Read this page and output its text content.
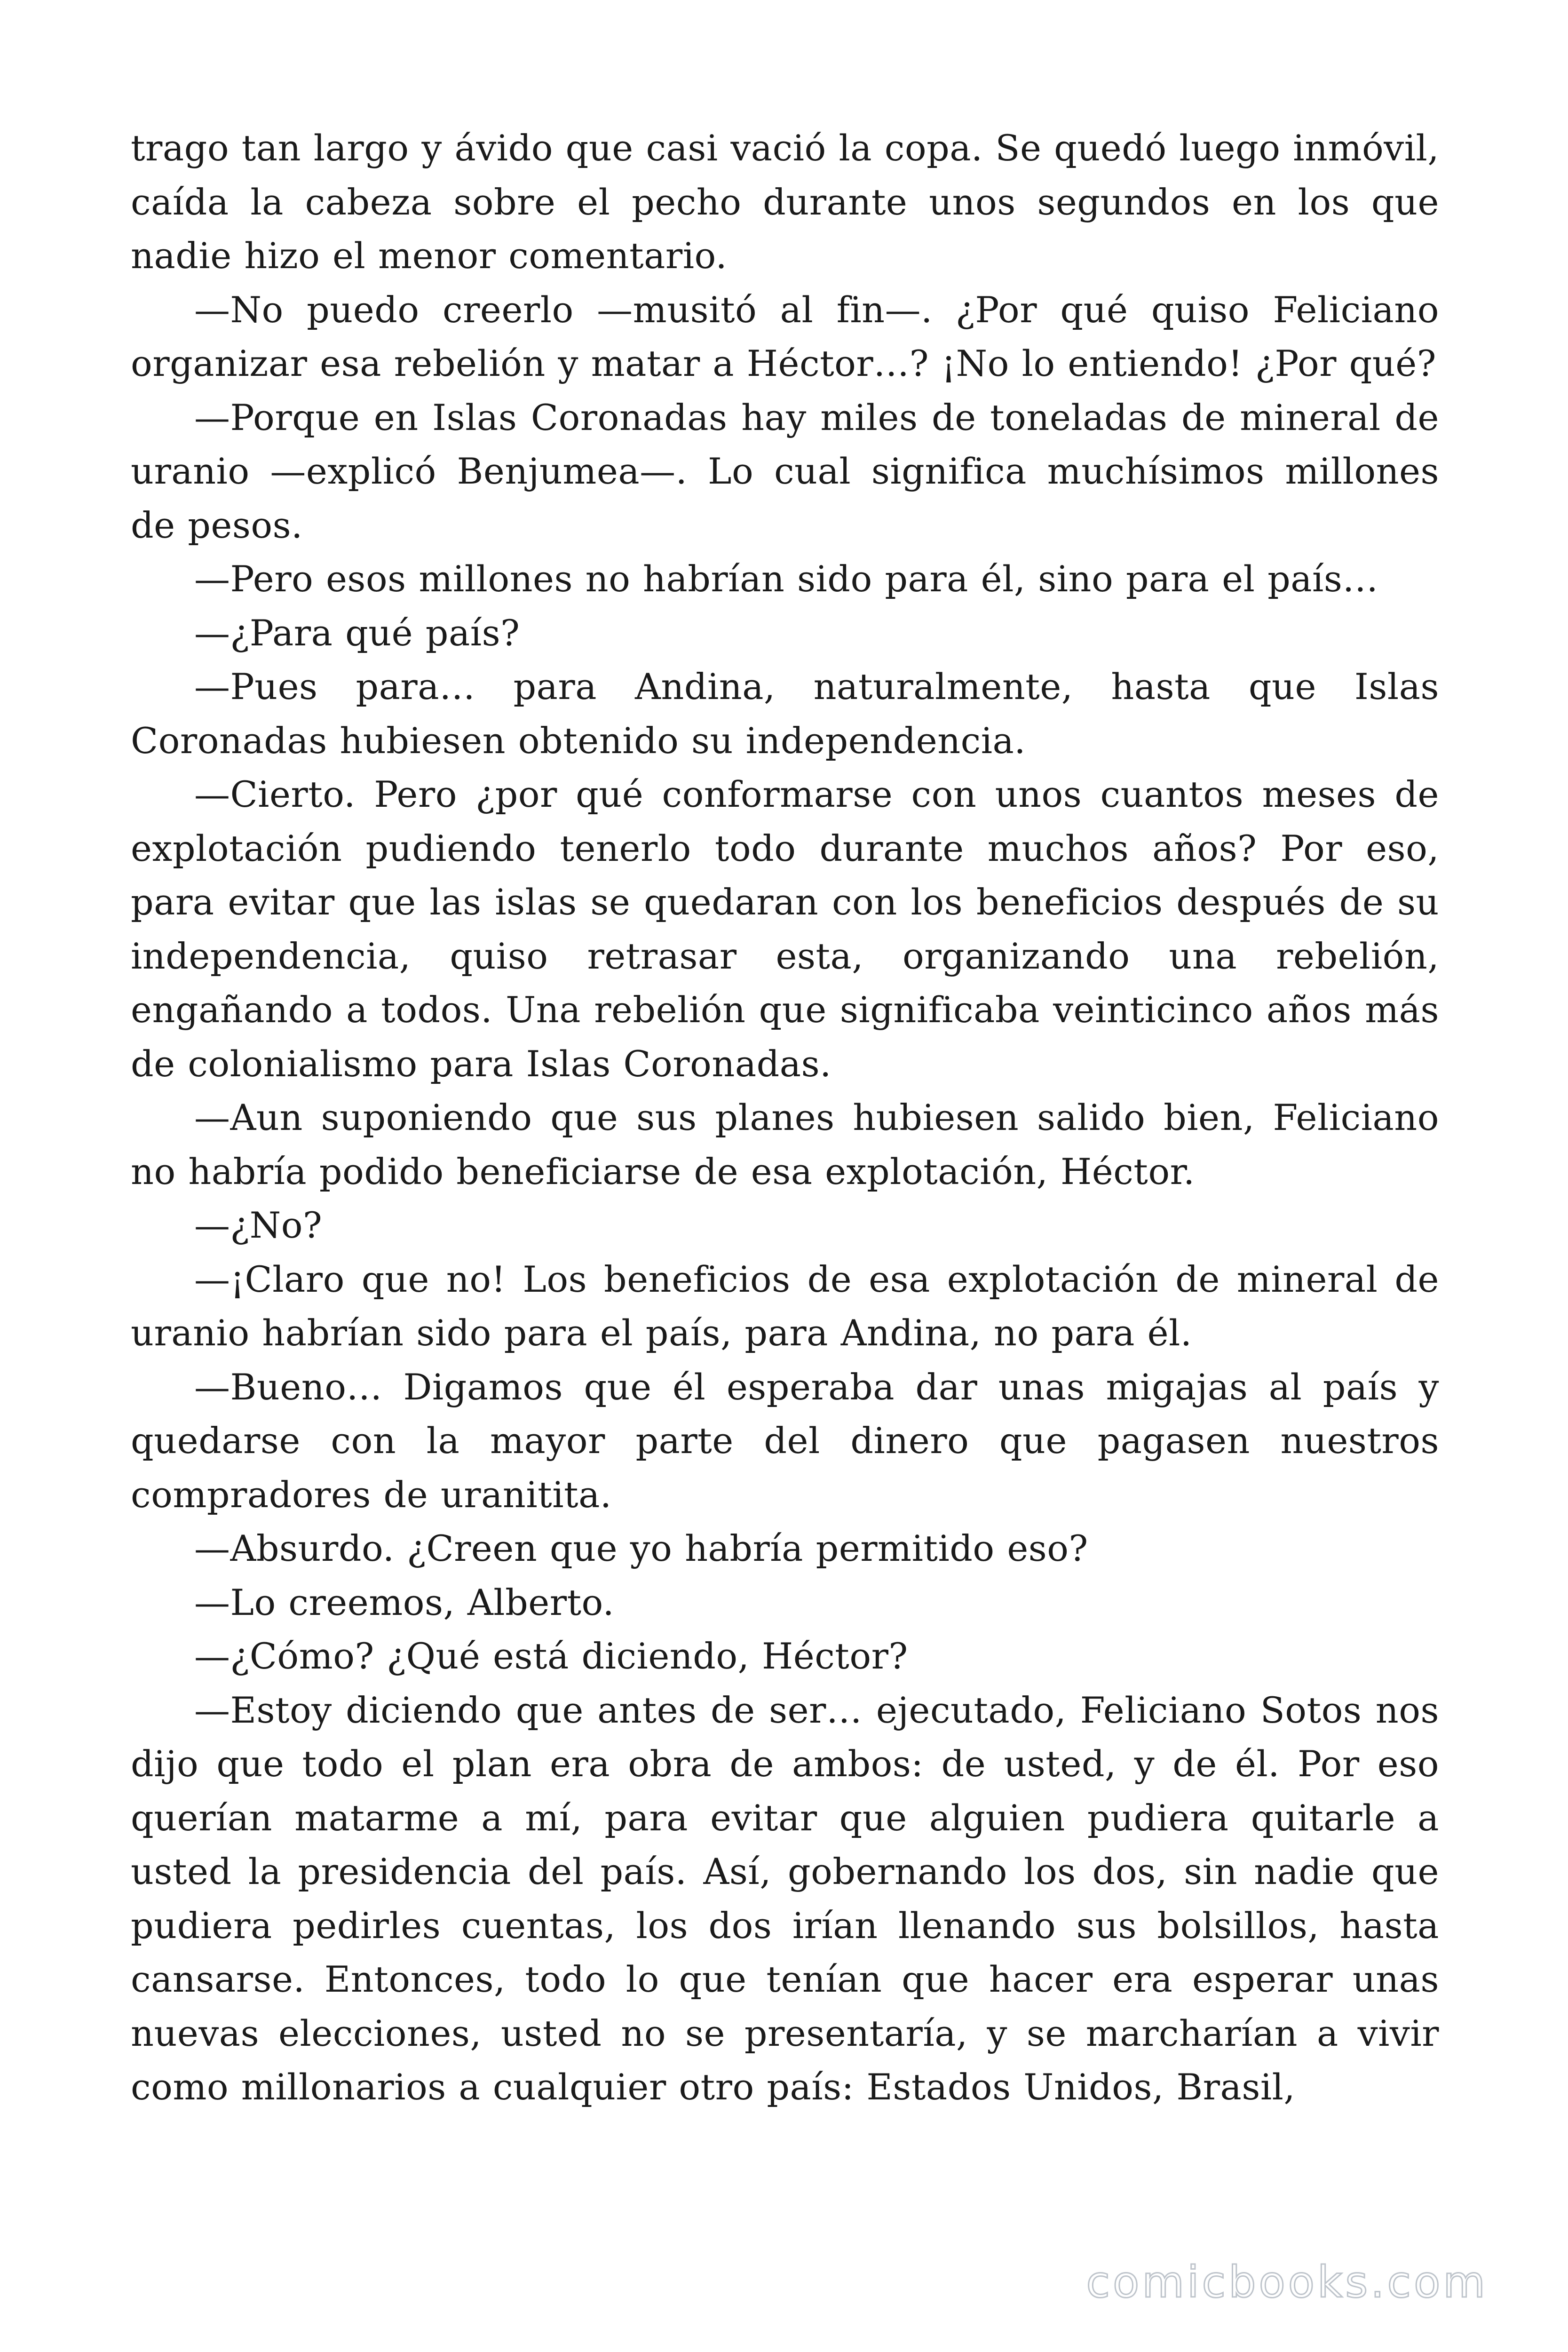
trago tan largo y ávido que casi vació la copa. Se quedó luego inmóvil, caída la cabeza sobre el pecho durante unos segundos en los que nadie hizo el menor comentario.

—No puedo creerlo —musitó al fin—. ¿Por qué quiso Feliciano organizar esa rebelión y matar a Héctor…? ¡No lo entiendo! ¿Por qué?

—Porque en Islas Coronadas hay miles de toneladas de mineral de uranio —explicó Benjumea—. Lo cual significa muchísimos millones de pesos.

—Pero esos millones no habrían sido para él, sino para el país…

—¿Para qué país?

—Pues para… para Andina, naturalmente, hasta que Islas Coronadas hubiesen obtenido su independencia.

—Cierto. Pero ¿por qué conformarse con unos cuantos meses de explotación pudiendo tenerlo todo durante muchos años? Por eso, para evitar que las islas se quedaran con los beneficios después de su independencia, quiso retrasar esta, organizando una rebelión, engañando a todos. Una rebelión que significaba veinticinco años más de colonialismo para Islas Coronadas.

—Aun suponiendo que sus planes hubiesen salido bien, Feliciano no habría podido beneficiarse de esa explotación, Héctor.

—¿No?

—¡Claro que no! Los beneficios de esa explotación de mineral de uranio habrían sido para el país, para Andina, no para él.

—Bueno… Digamos que él esperaba dar unas migajas al país y quedarse con la mayor parte del dinero que pagasen nuestros compradores de uranitita.

—Absurdo. ¿Creen que yo habría permitido eso?

—Lo creemos, Alberto.

—¿Cómo? ¿Qué está diciendo, Héctor?

—Estoy diciendo que antes de ser… ejecutado, Feliciano Sotos nos dijo que todo el plan era obra de ambos: de usted, y de él. Por eso querían matarme a mí, para evitar que alguien pudiera quitarle a usted la presidencia del país. Así, gobernando los dos, sin nadie que pudiera pedirles cuentas, los dos irían llenando sus bolsillos, hasta cansarse. Entonces, todo lo que tenían que hacer era esperar unas nuevas elecciones, usted no se presentaría, y se marcharían a vivir como millonarios a cualquier otro país: Estados Unidos, Brasil,

comicbooks.com
